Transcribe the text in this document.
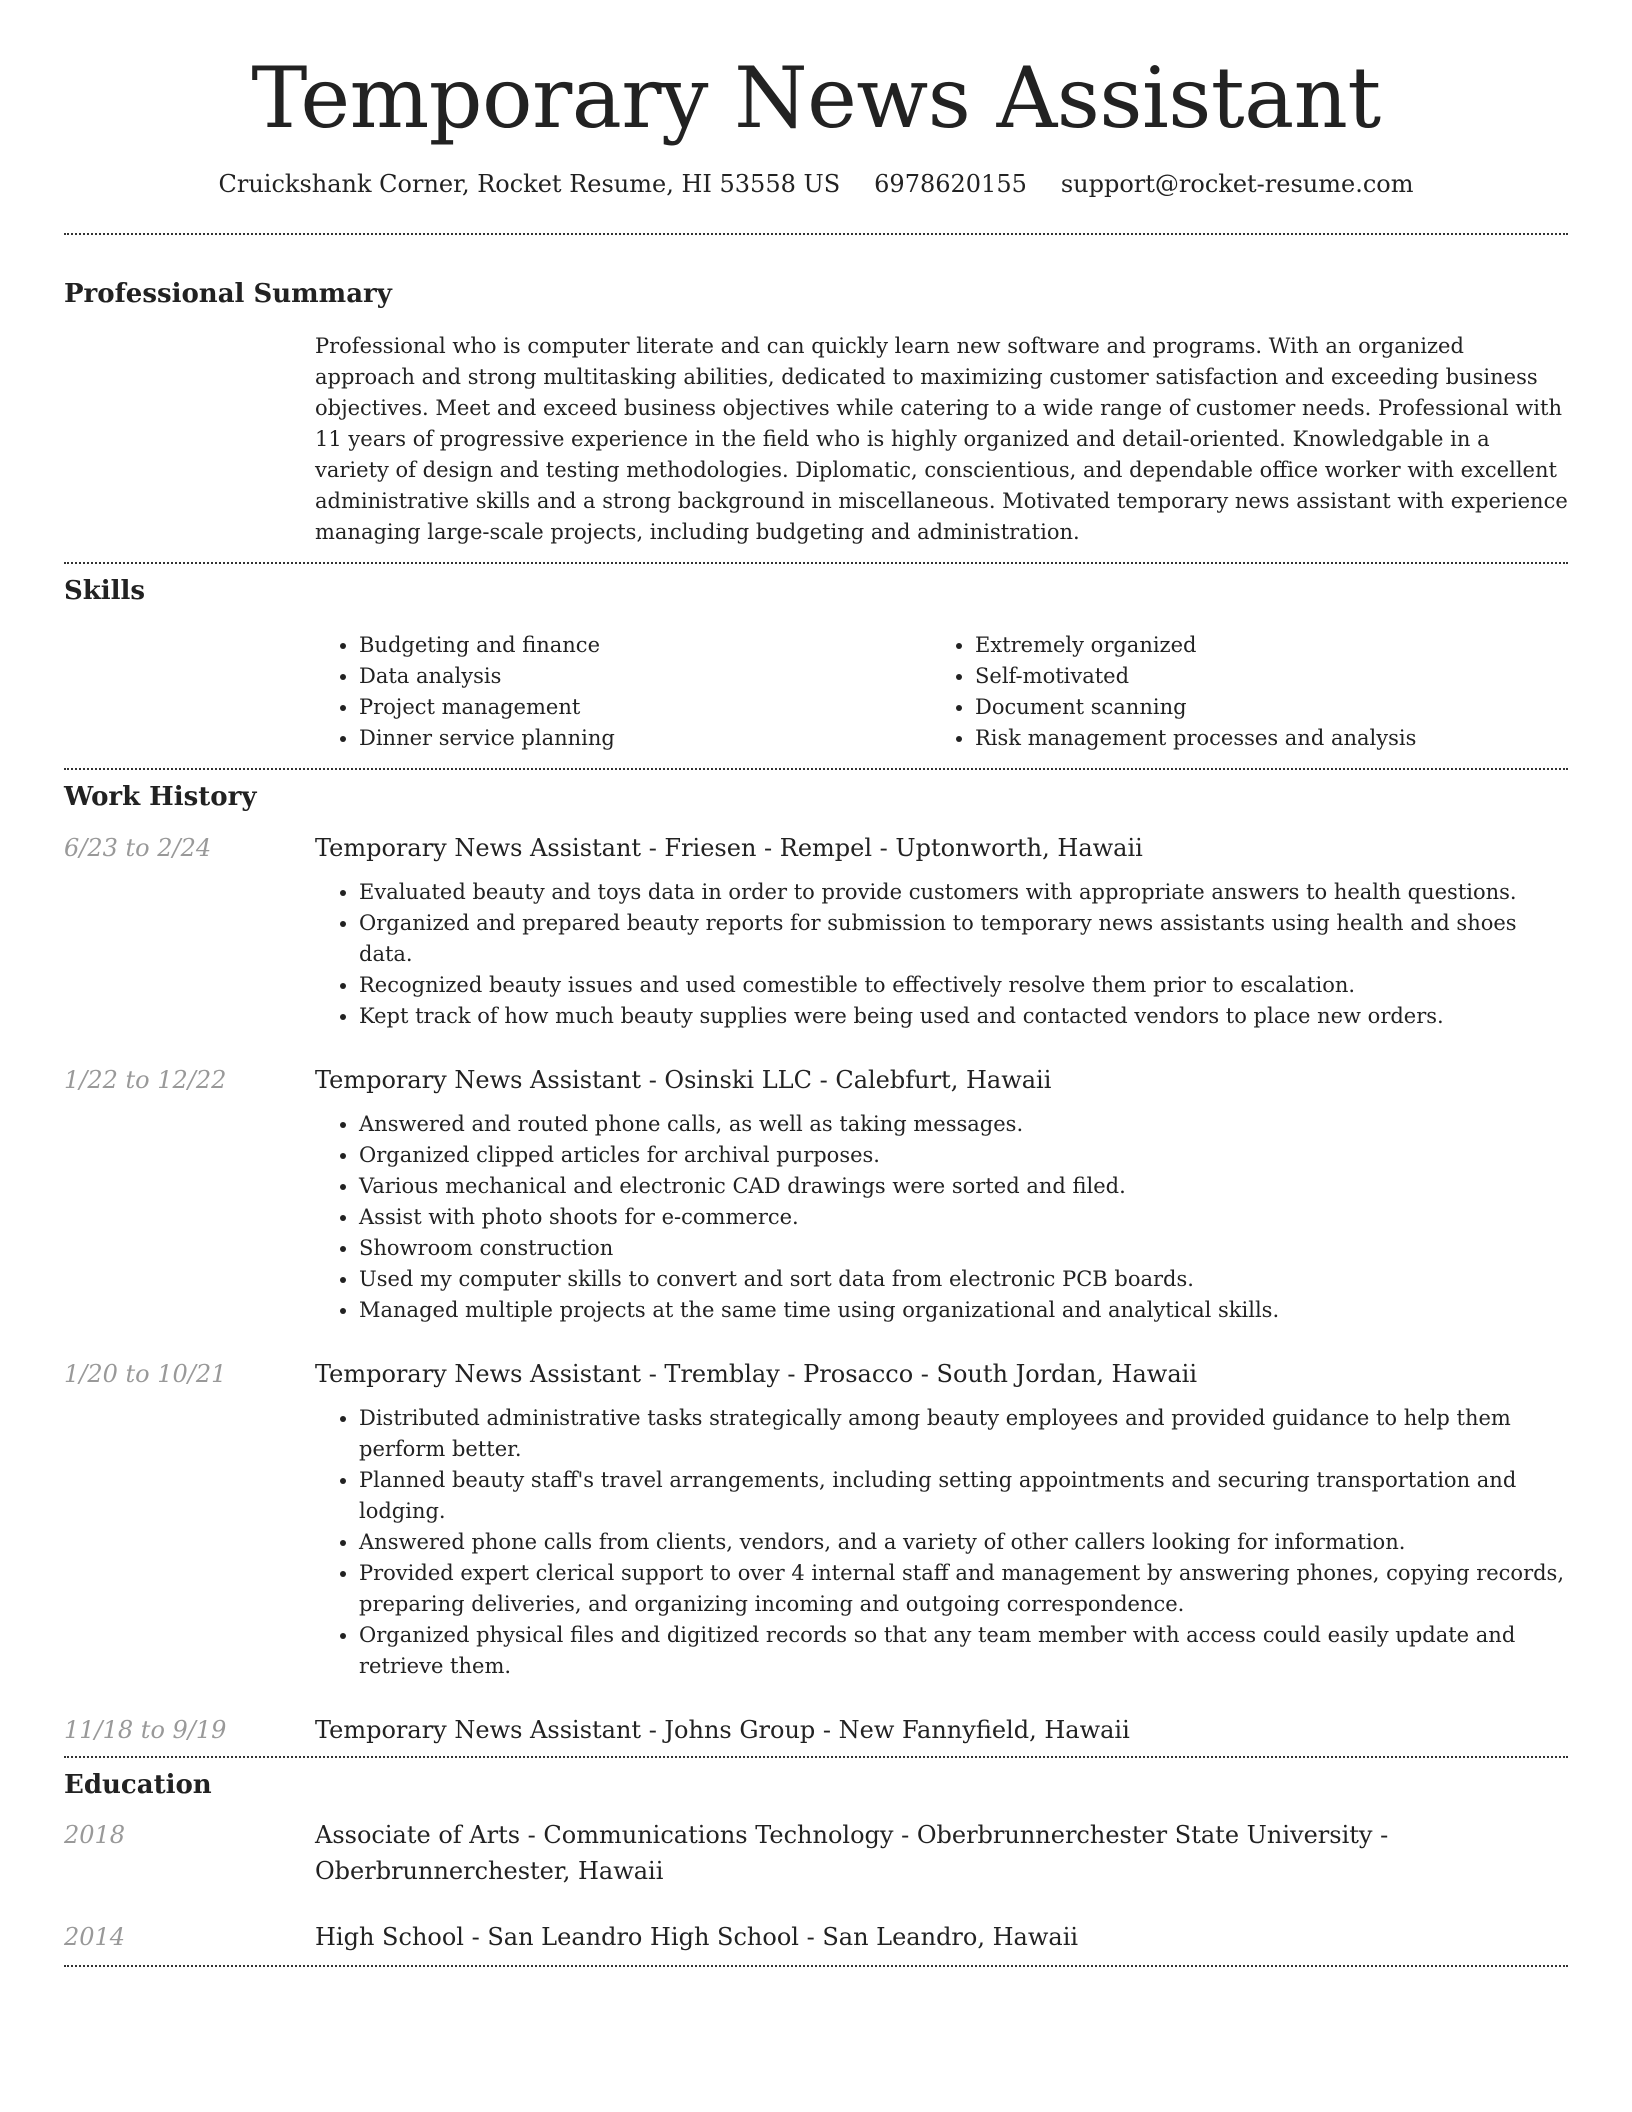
Temporary News Assistant
Cruickshank Corner, Rocket Resume, HI 53558 US 6978620155 support@rocket-resume.com
Professional Summary
Professional who is computer literate and can quickly learn new software and programs. With an organized approach and strong multitasking abilities, dedicated to maximizing customer satisfaction and exceeding business objectives. Meet and exceed business objectives while catering to a wide range of customer needs. Professional with 11 years of progressive experience in the field who is highly organized and detail-oriented. Knowledgable in a variety of design and testing methodologies. Diplomatic, conscientious, and dependable office worker with excellent administrative skills and a strong background in miscellaneous. Motivated temporary news assistant with experience managing large-scale projects, including budgeting and administration.
Skills
• Budgeting and finance
• Data analysis
• Project management
• Dinner service planning
• Extremely organized
• Self-motivated
• Document scanning
• Risk management processes and analysis
Work History
6/23 to 2/24	Temporary News Assistant - Friesen - Rempel - Uptonworth, Hawaii
• Evaluated beauty and toys data in order to provide customers with appropriate answers to health questions.
• Organized and prepared beauty reports for submission to temporary news assistants using health and shoes data.
• Recognized beauty issues and used comestible to effectively resolve them prior to escalation.
• Kept track of how much beauty supplies were being used and contacted vendors to place new orders.
1/22 to 12/22	Temporary News Assistant - Osinski LLC - Calebfurt, Hawaii
• Answered and routed phone calls, as well as taking messages.
• Organized clipped articles for archival purposes.
• Various mechanical and electronic CAD drawings were sorted and filed.
• Assist with photo shoots for e-commerce.
• Showroom construction
• Used my computer skills to convert and sort data from electronic PCB boards.
• Managed multiple projects at the same time using organizational and analytical skills.
1/20 to 10/21	Temporary News Assistant - Tremblay - Prosacco - South Jordan, Hawaii
• Distributed administrative tasks strategically among beauty employees and provided guidance to help them perform better.
• Planned beauty staff's travel arrangements, including setting appointments and securing transportation and lodging.
• Answered phone calls from clients, vendors, and a variety of other callers looking for information.
• Provided expert clerical support to over 4 internal staff and management by answering phones, copying records, preparing deliveries, and organizing incoming and outgoing correspondence.
• Organized physical files and digitized records so that any team member with access could easily update and retrieve them.
11/18 to 9/19	Temporary News Assistant - Johns Group - New Fannyfield, Hawaii
Education
2018	Associate of Arts - Communications Technology - Oberbrunnerchester State University - Oberbrunnerchester, Hawaii
2014	High School - San Leandro High School - San Leandro, Hawaii
